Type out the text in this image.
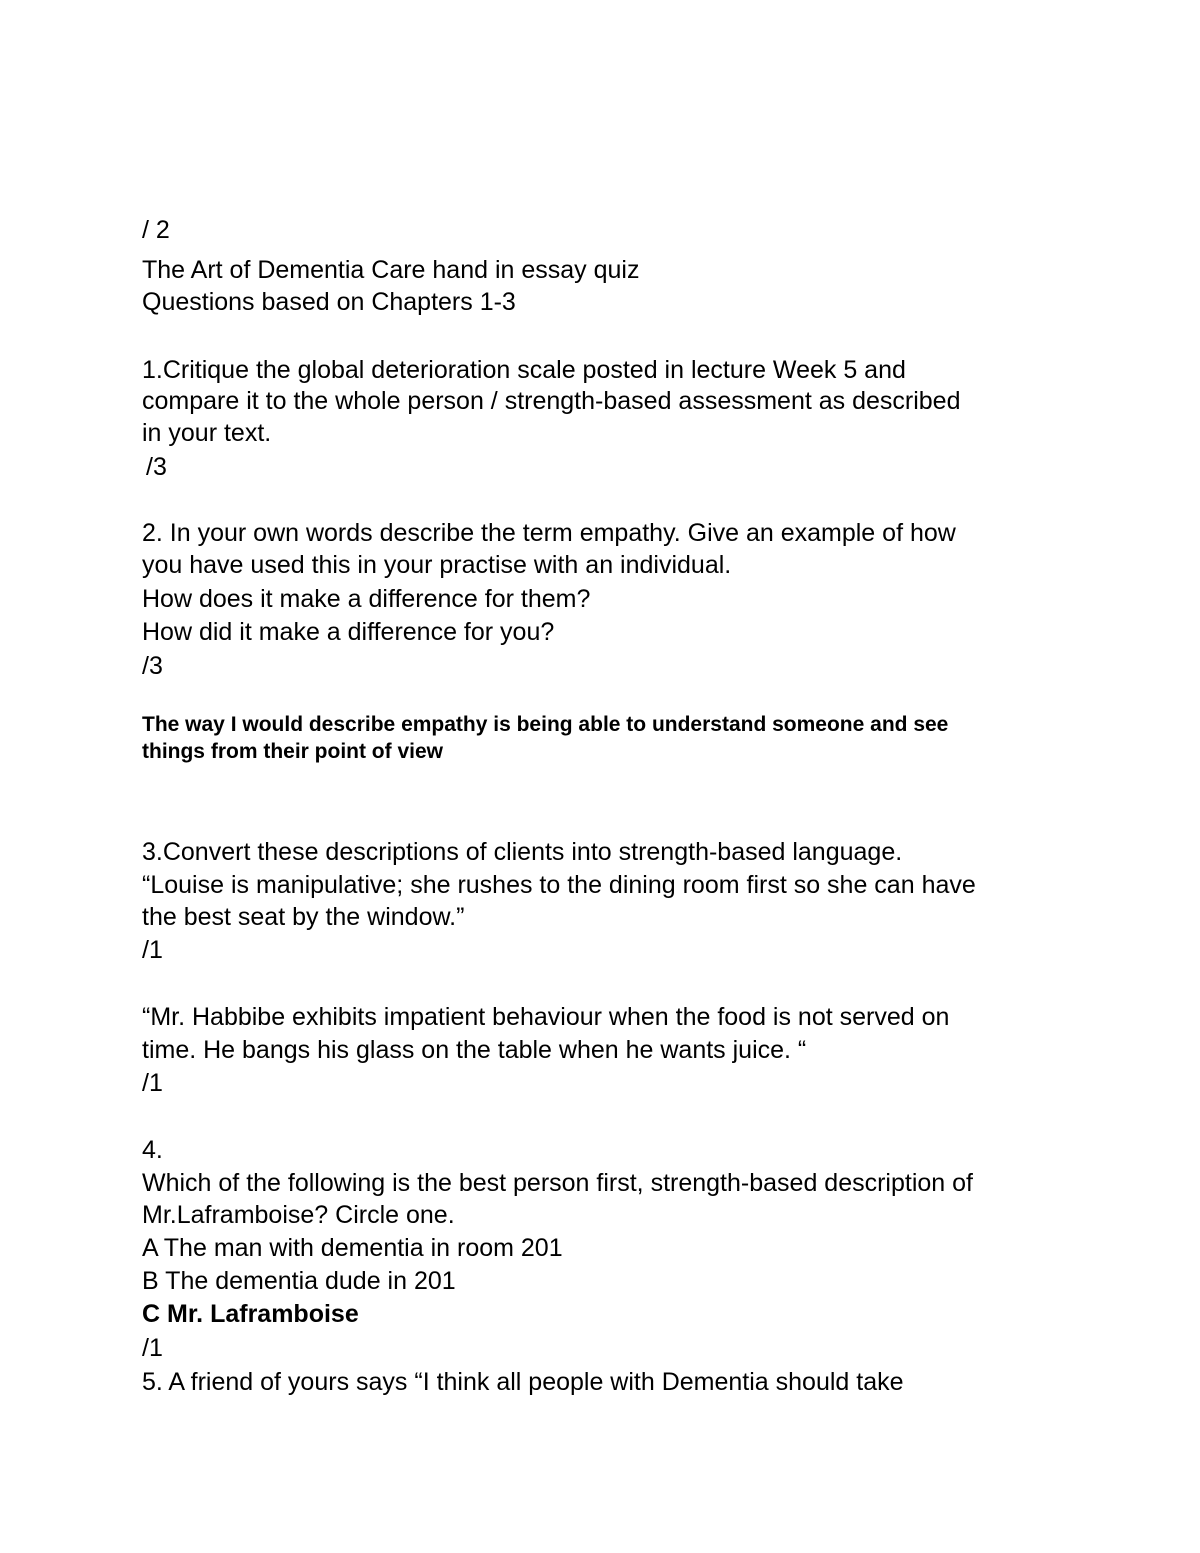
/ 2

The Art of Dementia Care hand in essay quiz

Questions based on Chapters 1-3

1.Critique the global deterioration scale posted in lecture Week 5 and

compare it to the whole person / strength-based assessment as described

in your text.

/3

2. In your own words describe the term empathy. Give an example of how

you have used this in your practise with an individual.

How does it make a difference for them?

How did it make a difference for you?

/3

The way I would describe empathy is being able to understand someone and see

things from their point of view

3.Convert these descriptions of clients into strength-based language.

“Louise is manipulative; she rushes to the dining room first so she can have

the best seat by the window.”

/1

“Mr. Habbibe exhibits impatient behaviour when the food is not served on

time. He bangs his glass on the table when he wants juice. “

/1

4.

Which of the following is the best person first, strength-based description of

Mr.Laframboise? Circle one.

A The man with dementia in room 201

B The dementia dude in 201

C Mr. Laframboise

/1

5. A friend of yours says “I think all people with Dementia should take
